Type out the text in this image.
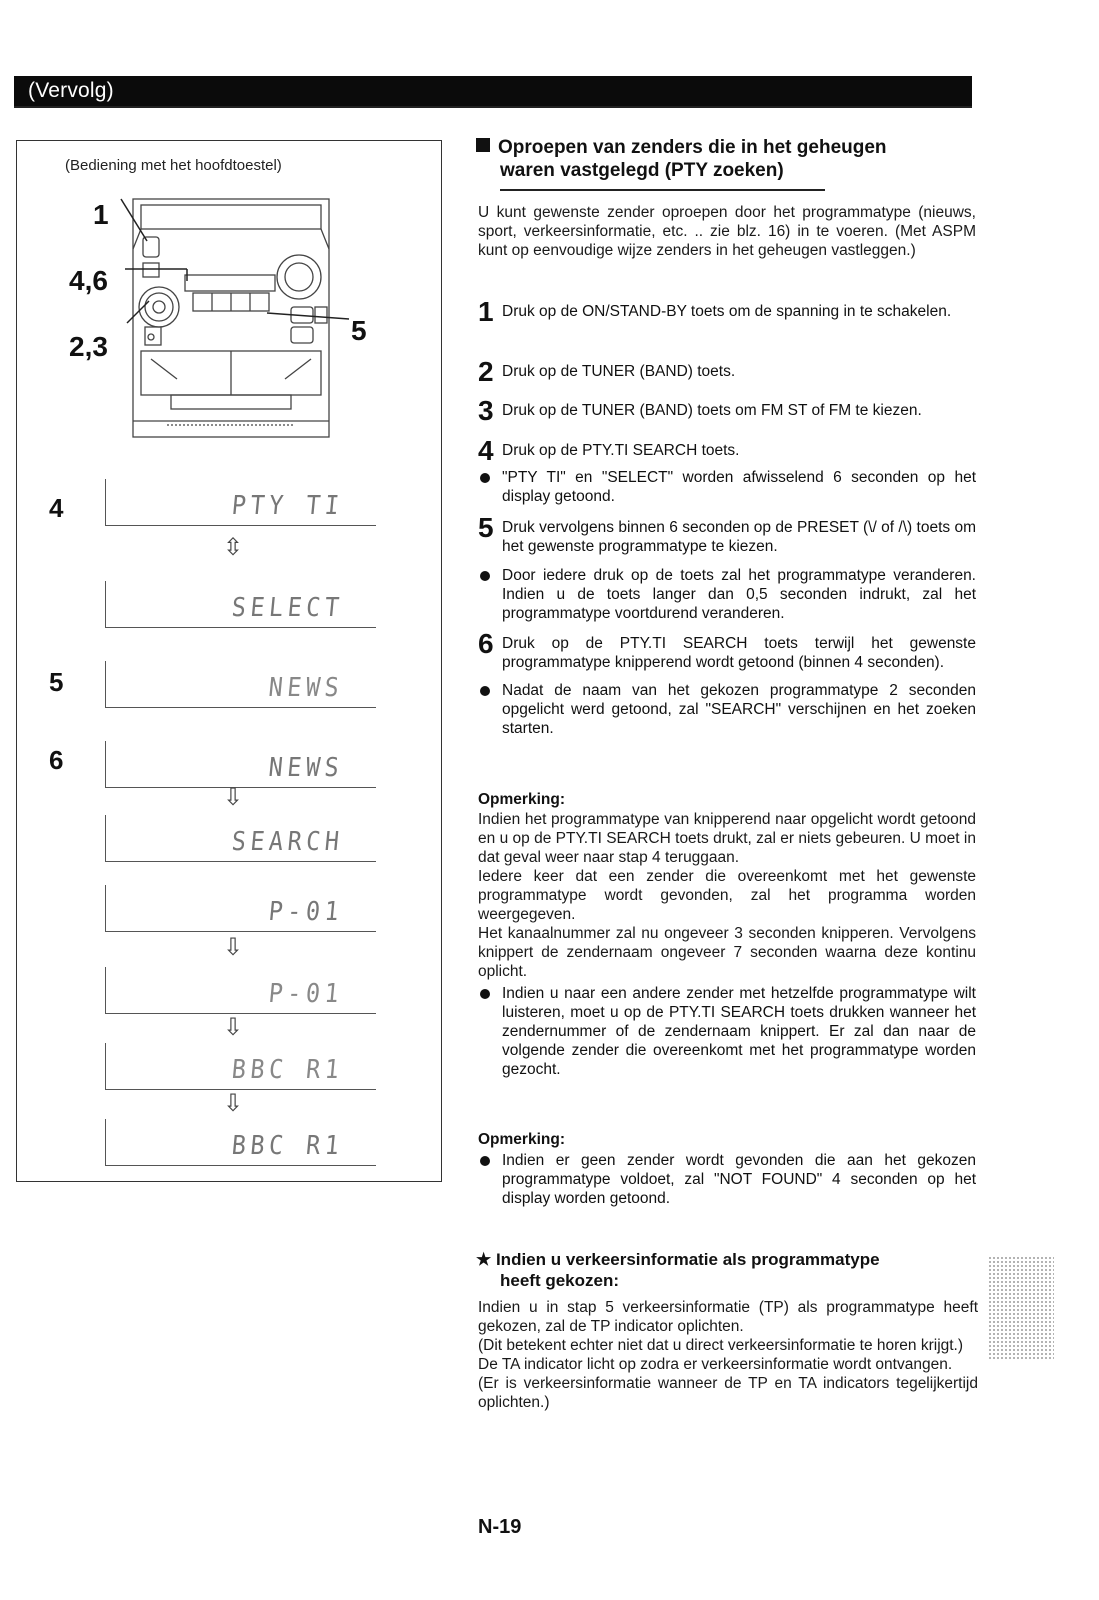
(Vervolg)
(Bediening met het hoofdtoestel)
1
4,6
2,3
5
4
5
6
PTY TI
⇳
SELECT
NEWS
NEWS
⇩
SEARCH
P-01
⇩
P-01
⇩
BBC R1
⇩
BBC R1
Oproepen van zenders die in het geheugen
waren vastgelegd (PTY zoeken)
U kunt gewenste zender oproepen door het programmatype (nieuws, sport, verkeersinformatie, etc. .. zie blz. 16) in te voeren. (Met ASPM kunt op eenvoudige wijze zenders in het geheugen vastleggen.)
1 Druk op de ON/STAND-BY toets om de spanning in te schakelen.
2 Druk op de TUNER (BAND) toets.
3 Druk op de TUNER (BAND) toets om FM ST of FM te kiezen.
4 Druk op de PTY.TI SEARCH toets.
"PTY TI" en "SELECT" worden afwisselend 6 seconden op het display getoond.
5 Druk vervolgens binnen 6 seconden op de PRESET (\/ of /\) toets om het gewenste programmatype te kiezen.
Door iedere druk op de toets zal het programmatype veranderen. Indien u de toets langer dan 0,5 seconden indrukt, zal het programmatype voortdurend veranderen.
6 Druk op de PTY.TI SEARCH toets terwijl het gewenste programmatype knipperend wordt getoond (binnen 4 seconden).
Nadat de naam van het gekozen programmatype 2 seconden opgelicht werd getoond, zal "SEARCH" verschijnen en het zoeken starten.
Opmerking:
Indien het programmatype van knipperend naar opgelicht wordt getoond en u op de PTY.TI SEARCH toets drukt, zal er niets gebeuren. U moet in dat geval weer naar stap 4 teruggaan.
Iedere keer dat een zender die overeenkomt met het gewenste programmatype wordt gevonden, zal het programma worden weergegeven.
Het kanaalnummer zal nu ongeveer 3 seconden knipperen. Vervolgens knippert de zendernaam ongeveer 7 seconden waarna deze kontinu oplicht.
Indien u naar een andere zender met hetzelfde programmatype wilt luisteren, moet u op de PTY.TI SEARCH toets drukken wanneer het zendernummer of de zendernaam knippert. Er zal dan naar de volgende zender die overeenkomt met het programmatype worden gezocht.
Opmerking:
Indien er geen zender wordt gevonden die aan het gekozen programmatype voldoet, zal "NOT FOUND" 4 seconden op het display worden getoond.
★ Indien u verkeersinformatie als programmatype
heeft gekozen:
Indien u in stap 5 verkeersinformatie (TP) als programmatype heeft gekozen, zal de TP indicator oplichten.
(Dit betekent echter niet dat u direct verkeersinformatie te horen krijgt.)
De TA indicator licht op zodra er verkeersinformatie wordt ontvangen.
(Er is verkeersinformatie wanneer de TP en TA indicators tegelijkertijd oplichten.)
N-19
